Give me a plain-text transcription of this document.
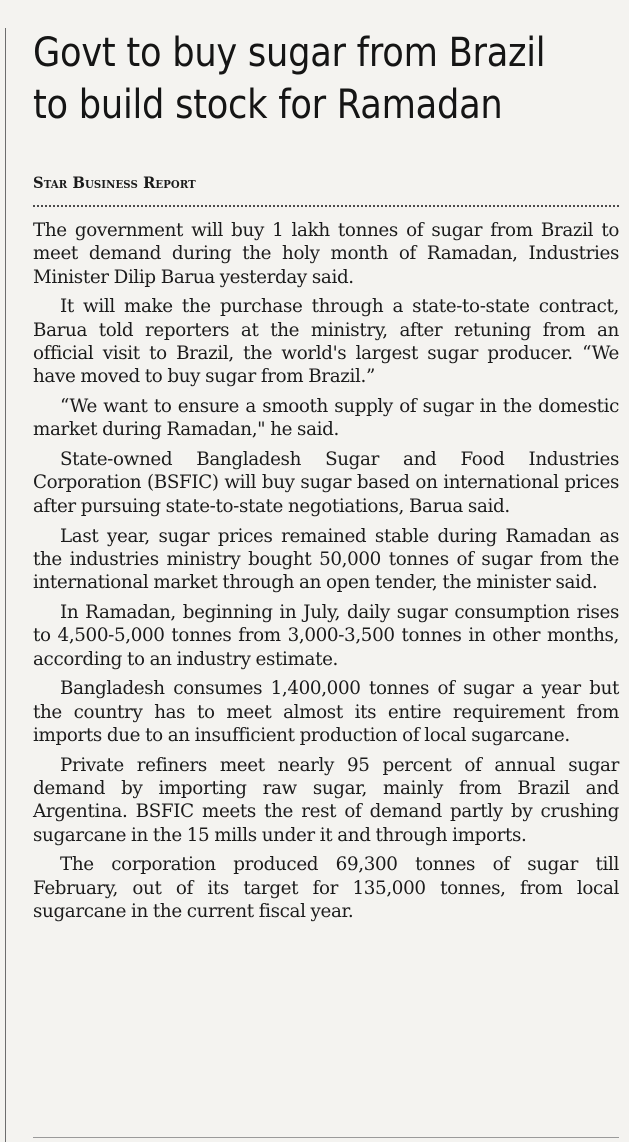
Govt to buy sugar from Brazil
to build stock for Ramadan
Star Business Report

The government will buy 1 lakh tonnes of sugar from Brazil to meet demand during the holy month of Ramadan, Industries Minister Dilip Barua yesterday said.

It will make the purchase through a state-to-state contract, Barua told reporters at the ministry, after retuning from an official visit to Brazil, the world's largest sugar producer. “We have moved to buy sugar from Brazil.”

“We want to ensure a smooth supply of sugar in the domestic market during Ramadan," he said.

State-owned Bangladesh Sugar and Food Industries Corporation (BSFIC) will buy sugar based on international prices after pursuing state-to-state negotiations, Barua said.

Last year, sugar prices remained stable during Ramadan as the industries ministry bought 50,000 tonnes of sugar from the international market through an open tender, the minister said.

In Ramadan, beginning in July, daily sugar consumption rises to 4,500-5,000 tonnes from 3,000-3,500 tonnes in other months, according to an industry estimate.

Bangladesh consumes 1,400,000 tonnes of sugar a year but the country has to meet almost its entire requirement from imports due to an insufficient production of local sugarcane.

Private refiners meet nearly 95 percent of annual sugar demand by importing raw sugar, mainly from Brazil and Argentina. BSFIC meets the rest of demand partly by crushing sugarcane in the 15 mills under it and through imports.

The corporation produced 69,300 tonnes of sugar till February, out of its target for 135,000 tonnes, from local sugarcane in the current fiscal year.
